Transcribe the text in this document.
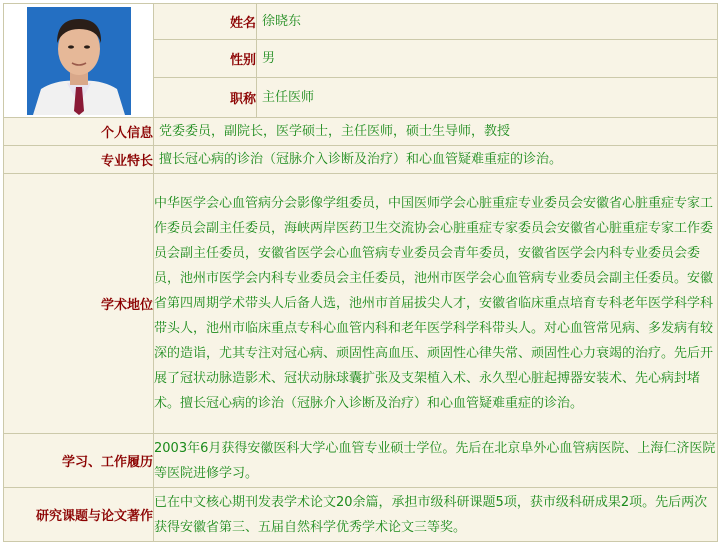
	姓名	徐晓东
	性别	男
	职称	主任医师
个人信息	党委委员，副院长，医学硕士，主任医师，硕士生导师，教授	
专业特长	擅长冠心病的诊治（冠脉介入诊断及治疗）和心血管疑难重症的诊治。	
学术地位	中华医学会心血管病分会影像学组委员，中国医师学会心脏重症专业委员会安徽省心脏重症专家工作委员会副主任委员，海峡两岸医药卫生交流协会心脏重症专家委员会安徽省心脏重症专家工作委员会副主任委员，安徽省医学会心血管病专业委员会青年委员，安徽省医学会内科专业委员会委员，池州市医学会内科专业委员会主任委员，池州市医学会心血管病专业委员会副主任委员。安徽省第四周期学术带头人后备人选，池州市首届拔尖人才，安徽省临床重点培育专科老年医学科学科带头人，池州市临床重点专科心血管内科和老年医学科学科带头人。对心血管常见病、多发病有较深的造诣，尤其专注对冠心病、顽固性高血压、顽固性心律失常、顽固性心力衰竭的治疗。先后开展了冠状动脉造影术、冠状动脉球囊扩张及支架植入术、永久型心脏起搏器安装术、先心病封堵术。擅长冠心病的诊治（冠脉介入诊断及治疗）和心血管疑难重症的诊治。	
学习、工作履历	2003年6月获得安徽医科大学心血管专业硕士学位。先后在北京阜外心血管病医院、上海仁济医院等医院进修学习。	
研究课题与论文著作	已在中文核心期刊发表学术论文20余篇，承担市级科研课题5项，获市级科研成果2项。先后两次获得安徽省第三、五届自然科学优秀学术论文三等奖。	
